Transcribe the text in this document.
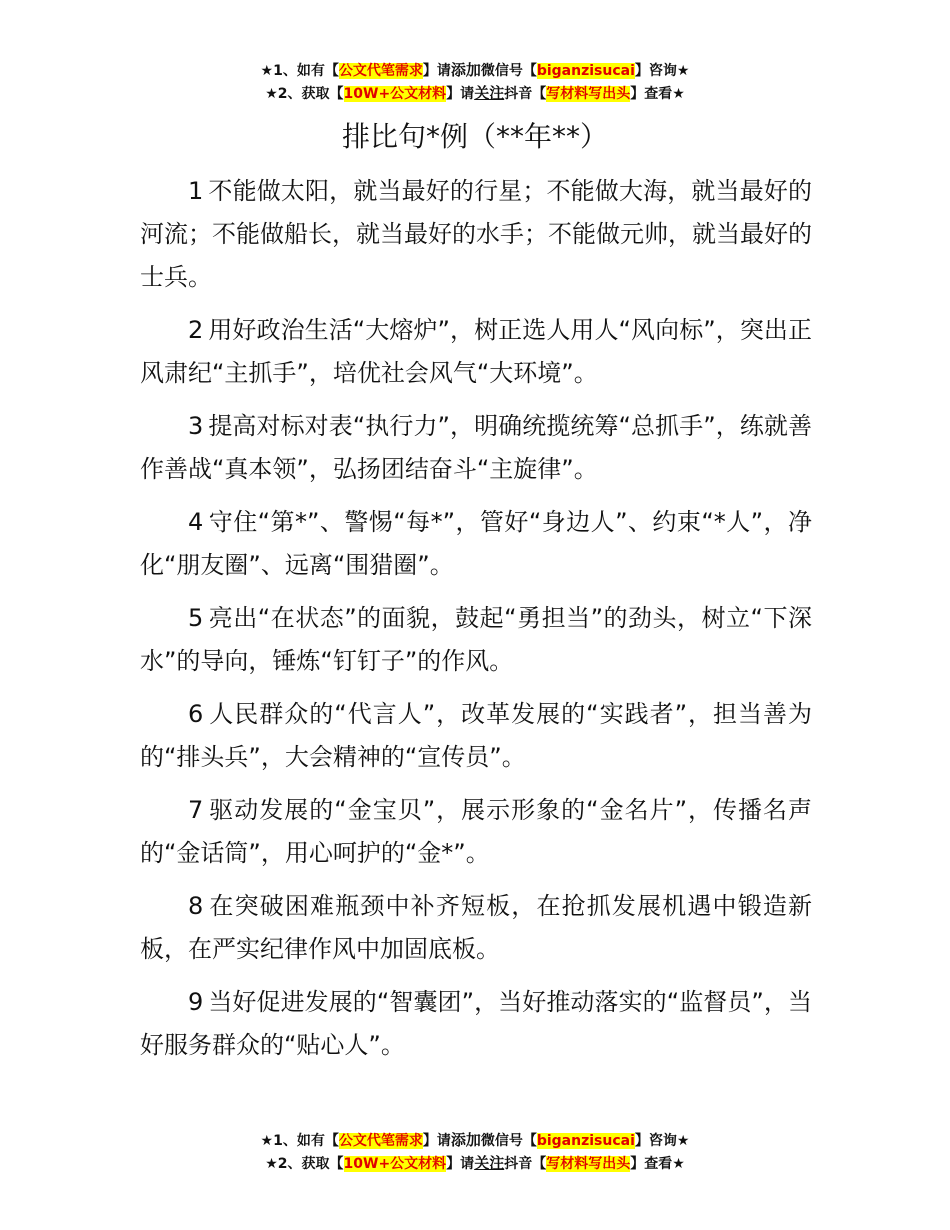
★1、如有【公文代笔需求】请添加微信号【biganzisucai】咨询★
★2、获取【10W+公文材料】请关注抖音【写材料写出头】查看★
排比句*例（**年**）

1 不能做太阳，就当最好的行星；不能做大海，就当最好的河流；不能做船长，就当最好的水手；不能做元帅，就当最好的士兵。

2 用好政治生活“大熔炉”，树正选人用人“风向标”，突出正风肃纪“主抓手”，培优社会风气“大环境”。

3 提高对标对表“执行力”，明确统揽统筹“总抓手”，练就善作善战“真本领”，弘扬团结奋斗“主旋律”。

4 守住“第*”、警惕“每*”，管好“身边人”、约束“*人”，净化“朋友圈”、远离“围猎圈”。

5 亮出“在状态”的面貌，鼓起“勇担当”的劲头，树立“下深水”的导向，锤炼“钉钉子”的作风。

6 人民群众的“代言人”，改革发展的“实践者”，担当善为的“排头兵”，大会精神的“宣传员”。

7 驱动发展的“金宝贝”，展示形象的“金名片”，传播名声的“金话筒”，用心呵护的“金*”。

8 在突破困难瓶颈中补齐短板，在抢抓发展机遇中锻造新板，在严实纪律作风中加固底板。

9 当好促进发展的“智囊团”，当好推动落实的“监督员”，当好服务群众的“贴心人”。

★1、如有【公文代笔需求】请添加微信号【biganzisucai】咨询★
★2、获取【10W+公文材料】请关注抖音【写材料写出头】查看★
